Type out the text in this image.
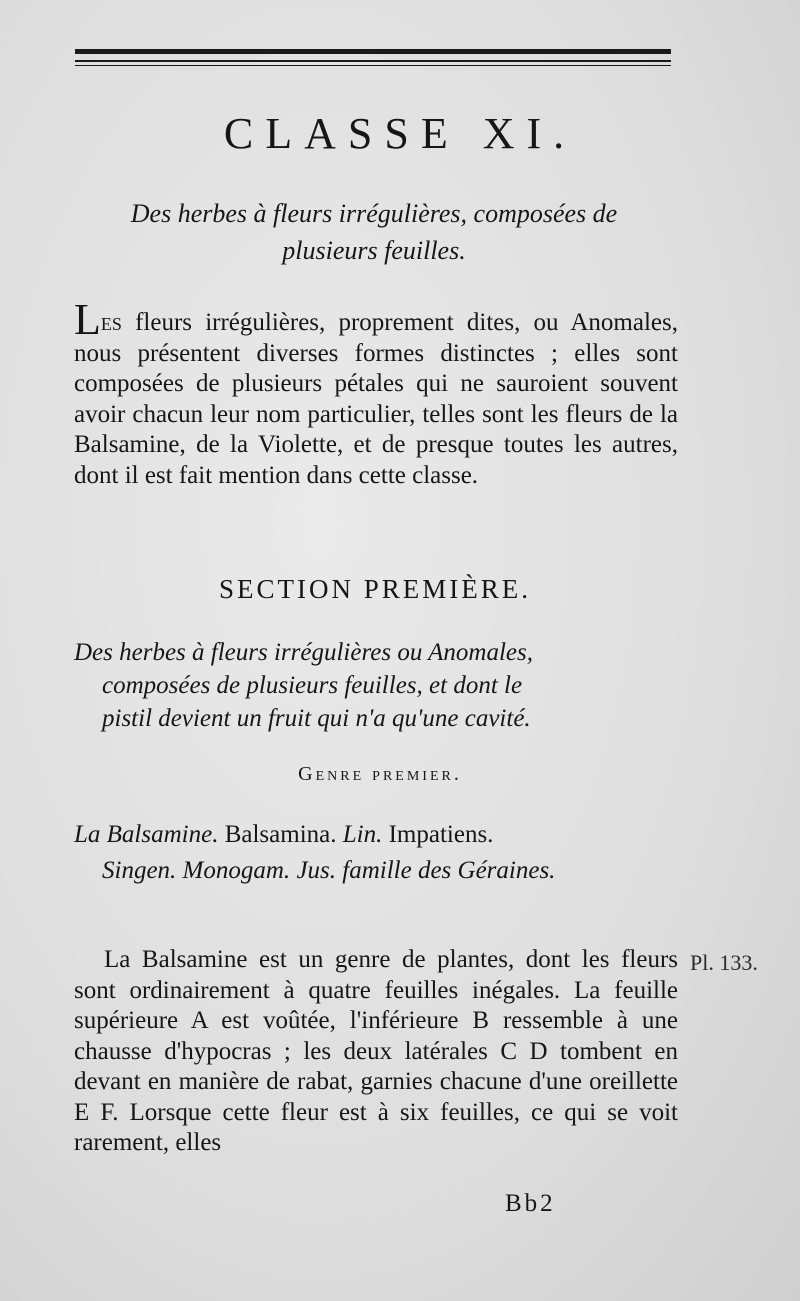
CLASSE XI.
Des herbes à fleurs irrégulières, composées de
plusieurs feuilles.
Les fleurs irrégulières, proprement dites, ou Anomales, nous présentent diverses formes distinctes ; elles sont composées de plusieurs pétales qui ne sauroient souvent avoir chacun leur nom particulier, telles sont les fleurs de la Balsamine, de la Violette, et de presque toutes les autres, dont il est fait mention dans cette classe.
SECTION PREMIÈRE.
Des herbes à fleurs irrégulières ou Anomales,
composées de plusieurs feuilles, et dont le
pistil devient un fruit qui n'a qu'une cavité.
Genre premier.
La Balsamine. Balsamina. Lin. Impatiens.
Singen. Monogam. Jus. famille des Géraines.
La Balsamine est un genre de plantes, dont les fleurs sont ordinairement à quatre feuilles inégales. La feuille supérieure A est voûtée, l'inférieure B ressemble à une chausse d'hypocras ; les deux latérales C D tombent en devant en manière de rabat, garnies chacune d'une oreillette E F. Lorsque cette fleur est à six feuilles, ce qui se voit rarement, elles
Pl. 133.
Bb2
